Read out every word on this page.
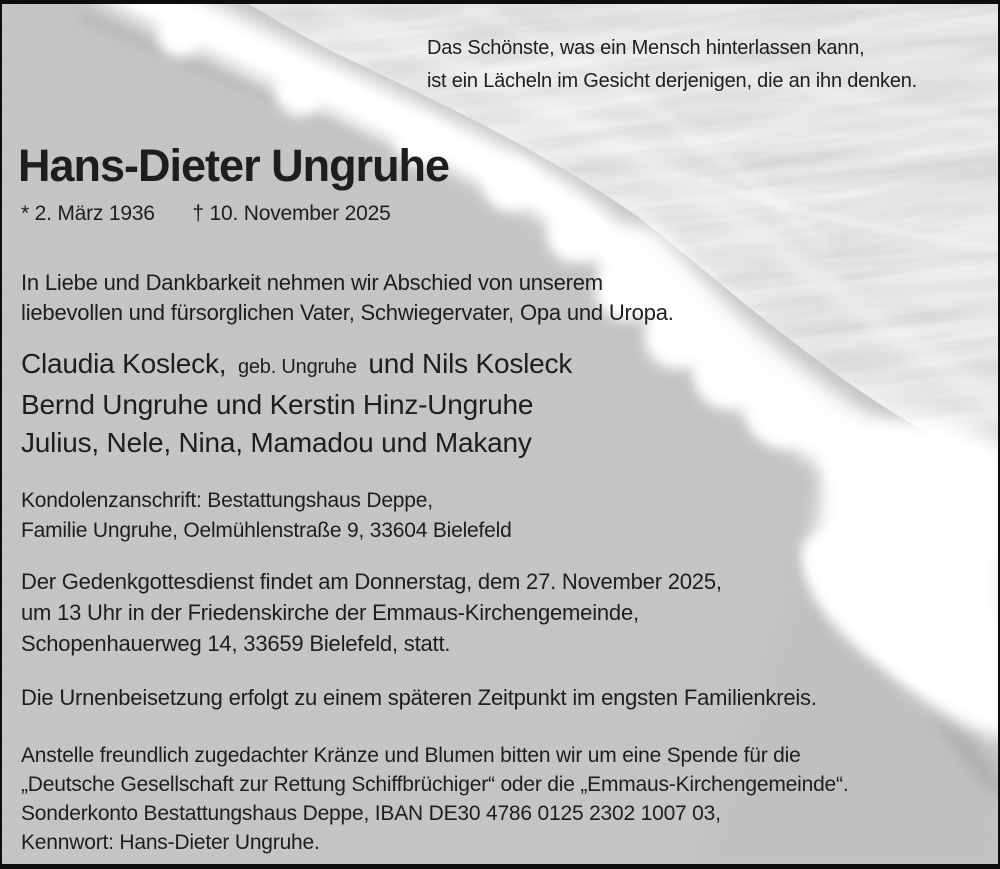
Das Schönste, was ein Mensch hinterlassen kann,
ist ein Lächeln im Gesicht derjenigen, die an ihn denken.
Hans-Dieter Ungruhe
* 2. März 1936 † 10. November 2025
In Liebe und Dankbarkeit nehmen wir Abschied von unserem
liebevollen und fürsorglichen Vater, Schwiegervater, Opa und Uropa.
Claudia Kosleck, geb. Ungruhe und Nils Kosleck
Bernd Ungruhe und Kerstin Hinz-Ungruhe
Julius, Nele, Nina, Mamadou und Makany
Kondolenzanschrift: Bestattungshaus Deppe,
Familie Ungruhe, Oelmühlenstraße 9, 33604 Bielefeld
Der Gedenkgottesdienst findet am Donnerstag, dem 27. November 2025,
um 13 Uhr in der Friedenskirche der Emmaus-Kirchengemeinde,
Schopenhauerweg 14, 33659 Bielefeld, statt.
Die Urnenbeisetzung erfolgt zu einem späteren Zeitpunkt im engsten Familienkreis.
Anstelle freundlich zugedachter Kränze und Blumen bitten wir um eine Spende für die
„Deutsche Gesellschaft zur Rettung Schiffbrüchiger“ oder die „Emmaus-Kirchengemeinde“.
Sonderkonto Bestattungshaus Deppe, IBAN DE30 4786 0125 2302 1007 03,
Kennwort: Hans-Dieter Ungruhe.
